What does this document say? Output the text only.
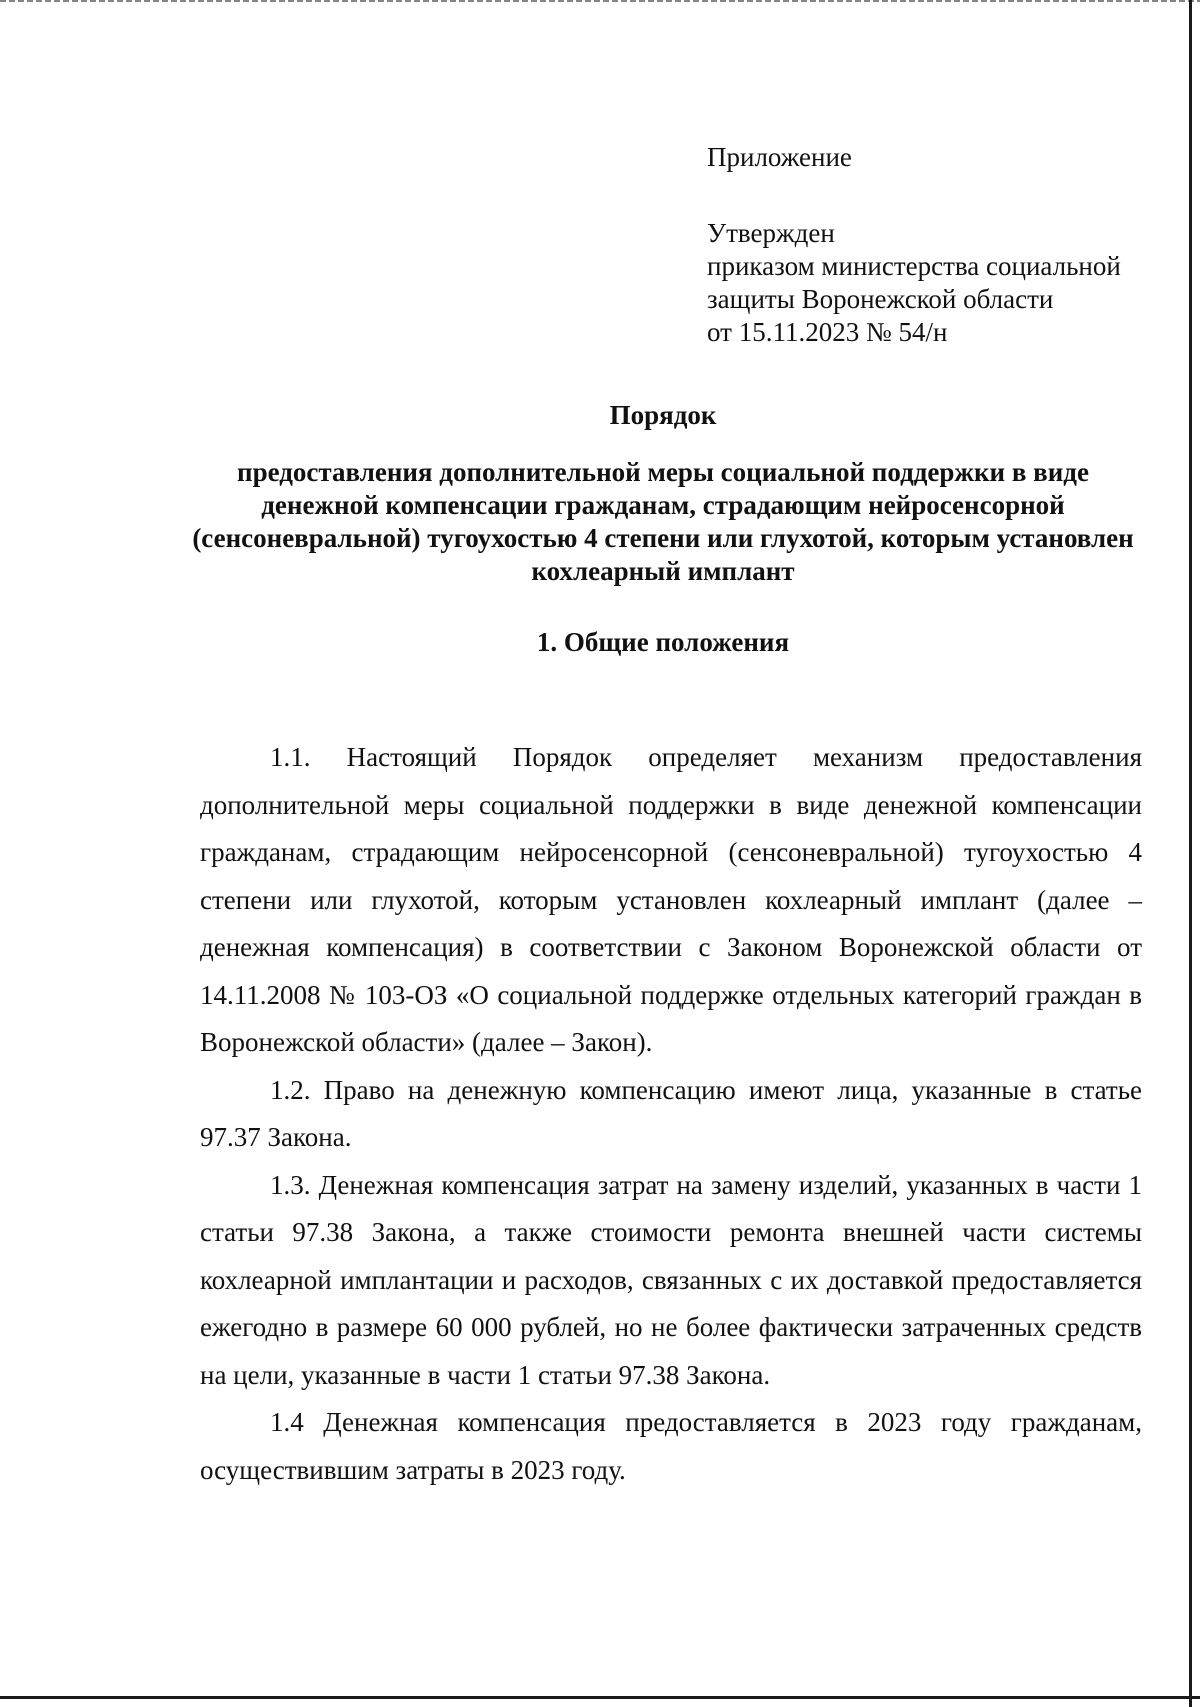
Приложение
Утвержден
приказом министерства социальной
защиты Воронежской области
от 15.11.2023 № 54/н
Порядок
предоставления дополнительной меры социальной поддержки в виде денежной компенсации гражданам, страдающим нейросенсорной (сенсоневральной) тугоухостью 4 степени или глухотой, которым установлен кохлеарный имплант
1. Общие положения

1.1. Настоящий Порядок определяет механизм предоставления дополнительной меры социальной поддержки в виде денежной компенсации гражданам, страдающим нейросенсорной (сенсоневральной) тугоухостью 4 степени или глухотой, которым установлен кохлеарный имплант (далее – денежная компенсация) в соответствии с Законом Воронежской области от 14.11.2008 № 103-ОЗ «О социальной поддержке отдельных категорий граждан в Воронежской области» (далее – Закон).

1.2. Право на денежную компенсацию имеют лица, указанные в статье 97.37 Закона.

1.3. Денежная компенсация затрат на замену изделий, указанных в части 1 статьи 97.38 Закона, а также стоимости ремонта внешней части системы кохлеарной имплантации и расходов, связанных с их доставкой предоставляется ежегодно в размере 60 000 рублей, но не более фактически затраченных средств на цели, указанные в части 1 статьи 97.38 Закона.

1.4 Денежная компенсация предоставляется в 2023 году гражданам, осуществившим затраты в 2023 году.
